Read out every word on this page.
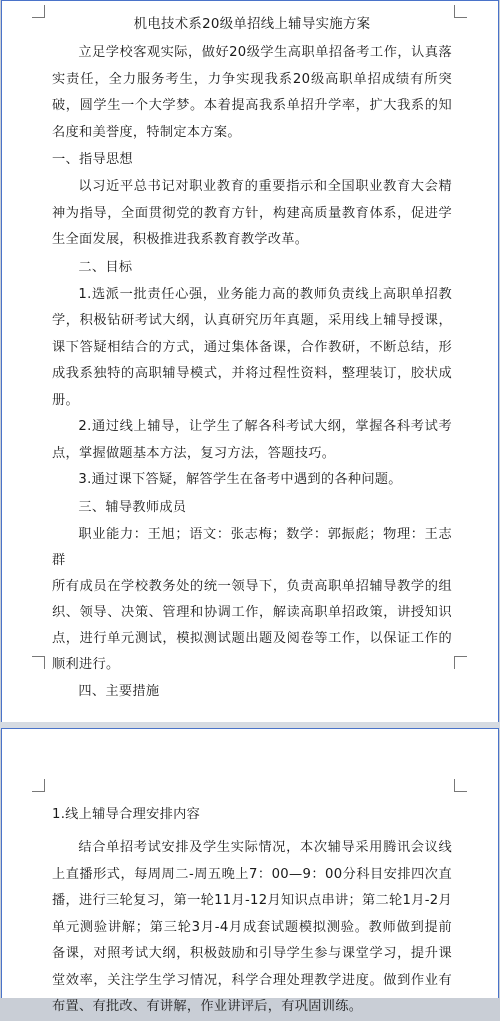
机电技术系20级单招线上辅导实施方案

立足学校客观实际，做好20级学生高职单招备考工作，认真落实责任，全力服务考生，力争实现我系20级高职单招成绩有所突破，圆学生一个大学梦。本着提高我系单招升学率，扩大我系的知名度和美誉度，特制定本方案。

一、指导思想

以习近平总书记对职业教育的重要指示和全国职业教育大会精神为指导，全面贯彻党的教育方针，构建高质量教育体系，促进学生全面发展，积极推进我系教育教学改革。

二、目标

1.选派一批责任心强，业务能力高的教师负责线上高职单招教学，积极钻研考试大纲，认真研究历年真题，采用线上辅导授课，课下答疑相结合的方式，通过集体备课，合作教研，不断总结，形成我系独特的高职辅导模式，并将过程性资料，整理装订，胶状成册。

2.通过线上辅导，让学生了解各科考试大纲，掌握各科考试考点，掌握做题基本方法，复习方法，答题技巧。

3.通过课下答疑，解答学生在备考中遇到的各种问题。

三、辅导教师成员

职业能力：王旭；语文：张志梅；数学：郭振彪；物理：王志群

所有成员在学校教务处的统一领导下，负责高职单招辅导教学的组织、领导、决策、管理和协调工作，解读高职单招政策，讲授知识点，进行单元测试，模拟测试题出题及阅卷等工作，以保证工作的顺利进行。

四、主要措施

1.线上辅导合理安排内容

结合单招考试安排及学生实际情况，本次辅导采用腾讯会议线上直播形式，每周周二-周五晚上7：00—9：00分科目安排四次直播，进行三轮复习，第一轮11月-12月知识点串讲；第二轮1月-2月单元测验讲解；第三轮3月-4月成套试题模拟测验。教师做到提前备课，对照考试大纲，积极鼓励和引导学生参与课堂学习，提升课堂效率，关注学生学习情况，科学合理处理教学进度。做到作业有布置、有批改、有讲解，作业讲评后，有巩固训练。
